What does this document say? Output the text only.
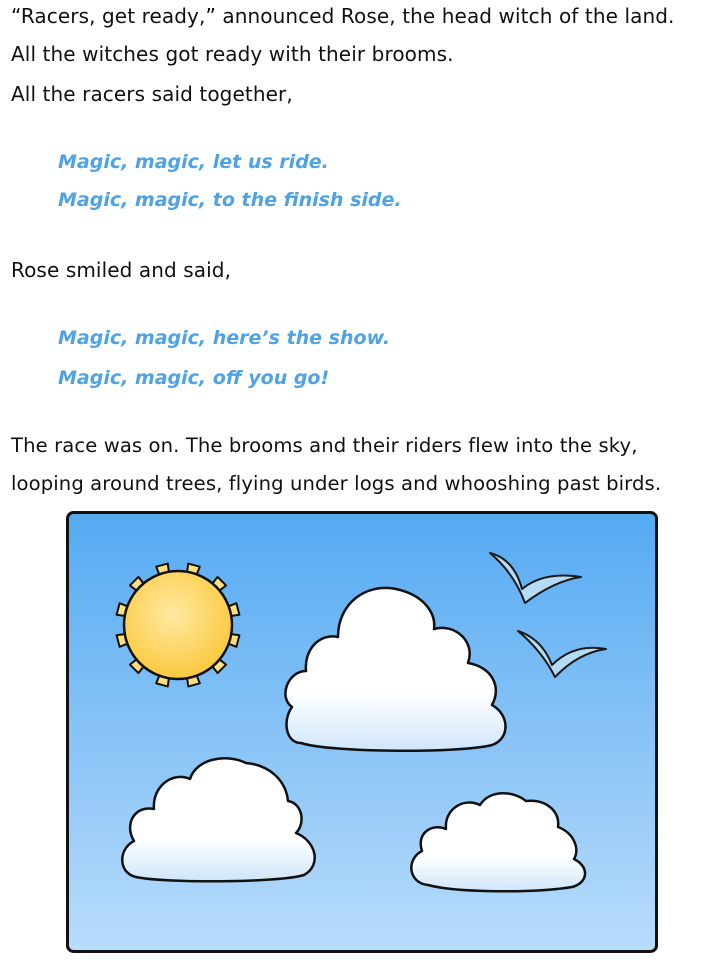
“Racers, get ready,” announced Rose, the head witch of the land.
All the witches got ready with their brooms.
All the racers said together,
Magic, magic, let us ride.
Magic, magic, to the finish side.
Rose smiled and said,
Magic, magic, here’s the show.
Magic, magic, off you go!
The race was on. The brooms and their riders flew into the sky,
looping around trees, flying under logs and whooshing past birds.
